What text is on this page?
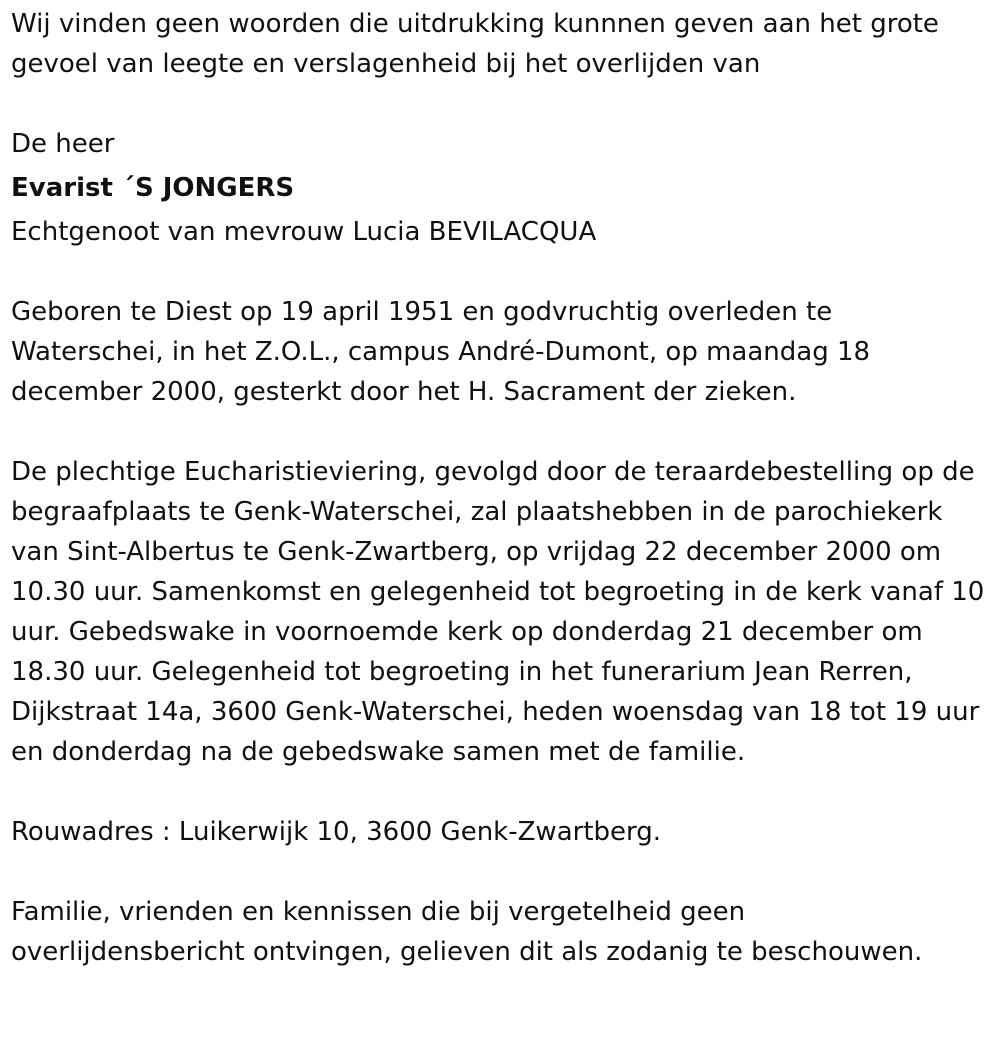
Wij vinden geen woorden die uitdrukking kunnnen geven aan het grote gevoel van leegte en verslagenheid bij het overlijden van

De heer

Evarist ´S JONGERS

Echtgenoot van mevrouw Lucia BEVILACQUA

Geboren te Diest op 19 april 1951 en godvruchtig overleden te Waterschei, in het Z.O.L., campus André-Dumont, op maandag 18 december 2000, gesterkt door het H. Sacrament der zieken.

De plechtige Eucharistieviering, gevolgd door de teraardebestelling op de begraafplaats te Genk-Waterschei, zal plaatshebben in de parochiekerk van Sint-Albertus te Genk-Zwartberg, op vrijdag 22 december 2000 om 10.30 uur. Samenkomst en gelegenheid tot begroeting in de kerk vanaf 10 uur. Gebedswake in voornoemde kerk op donderdag 21 december om 18.30 uur. Gelegenheid tot begroeting in het funerarium Jean Rerren, Dijkstraat 14a, 3600 Genk-Waterschei, heden woensdag van 18 tot 19 uur en donderdag na de gebedswake samen met de familie.

Rouwadres : Luikerwijk 10, 3600 Genk-Zwartberg.

Familie, vrienden en kennissen die bij vergetelheid geen overlijdensbericht ontvingen, gelieven dit als zodanig te beschouwen.
